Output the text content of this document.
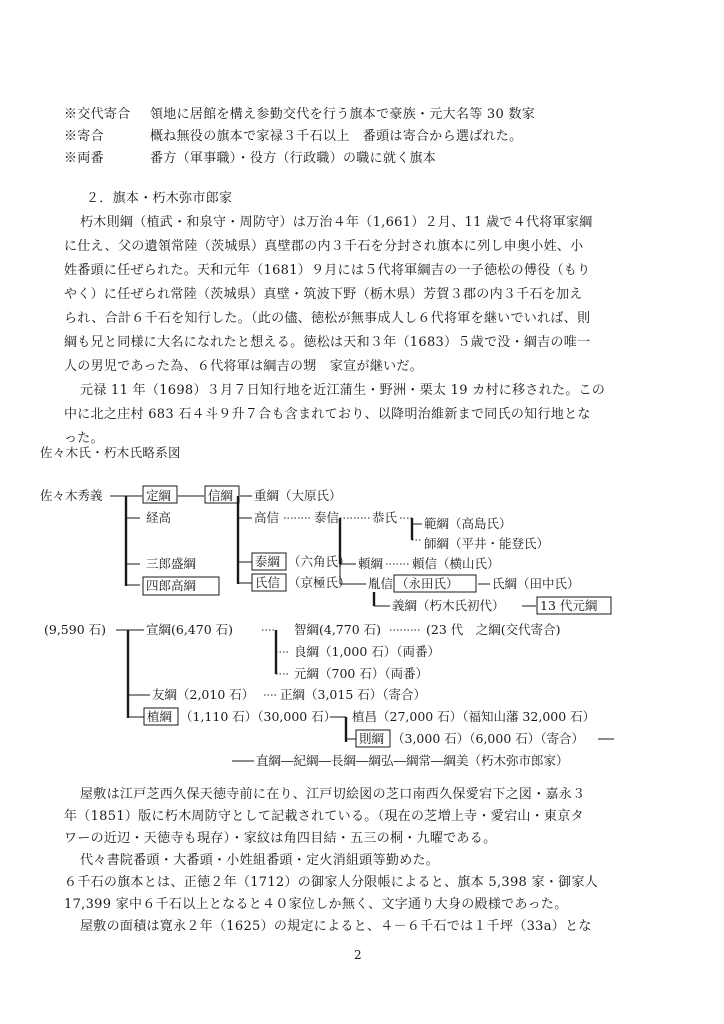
※交代寄合 領地に居館を構え参勤交代を行う旗本で豪族・元大名等 30 数家
※寄合	概ね無役の旗本で家禄３千石以上　番頭は寄合から選ばれた。
※両番	番方（軍事職）・役方（行政職）の職に就く旗本
２．旗本・朽木弥市郎家
朽木則綱（植武・和泉守・周防守）は万治４年（1,661）２月、11 歳で４代将軍家綱
に仕え、父の遺領常陸（茨城県）真壁郡の内３千石を分封され旗本に列し申奥小姓、小
姓番頭に任ぜられた。天和元年（1681）９月には５代将軍綱吉の一子徳松の傅役（もり
やく）に任ぜられ常陸（茨城県）真壁・筑波下野（栃木県）芳賀３郡の内３千石を加え
られ、合計６千石を知行した。（此の儘、徳松が無事成人し６代将軍を継いでいれば、則
綱も兄と同様に大名になれたと想える。徳松は天和３年（1683）５歳で没・綱吉の唯一
人の男児であった為、６代将軍は綱吉の甥　家宣が継いだ。
元禄 11 年（1698）３月７日知行地を近江蒲生・野洲・栗太 19 カ村に移された。この
中に北之庄村 683 石４斗９升７合も含まれており、以降明治維新まで同氏の知行地とな
った。
佐々木氏・朽木氏略系図
佐々木秀義	定綱
経高
三郎盛綱
四郎高綱
信綱 重綱（大原氏）
高信
泰綱 （六角氏）
氏信 （京極氏）
泰信	恭氏 範綱（高島氏）
師綱（平井・能登氏）
頼綱 頼信（横山氏）
胤信 （永田氏）	氏綱（田中氏）
義綱（朽木氏初代）	13 代元綱
(9,590 石)	宣綱(6,470 石)	智綱(4,770 石)	(23 代　之綱(交代寄合)
良綱（1,000 石）（両番）
元綱（700 石）（両番）
友綱（2,010 石） 正綱（3,015 石）（寄合）
植綱 （1,110 石）（30,000 石） 植昌（27,000 石）（福知山藩 32,000 石）
則綱 （3,000 石）（6,000 石）（寄合）
直綱―紀綱―長綱―綱弘―綱常―綱美（朽木弥市郎家）
屋敷は江戸芝西久保天徳寺前に在り、江戸切絵図の芝口南西久保愛宕下之図・嘉永３
年（1851）版に朽木周防守として記載されている。（現在の芝増上寺・愛宕山・東京タ
ワーの近辺・天徳寺も現存）・家紋は角四目結・五三の桐・九曜である。
代々書院番頭・大番頭・小姓組番頭・定火消組頭等勤めた。
６千石の旗本とは、正徳２年（1712）の御家人分限帳によると、旗本 5,398 家・御家人
17,399 家中６千石以上となると４０家位しか無く、文字通り大身の殿様であった。
屋敷の面積は寛永２年（1625）の規定によると、４－６千石では１千坪（33a）とな
2
